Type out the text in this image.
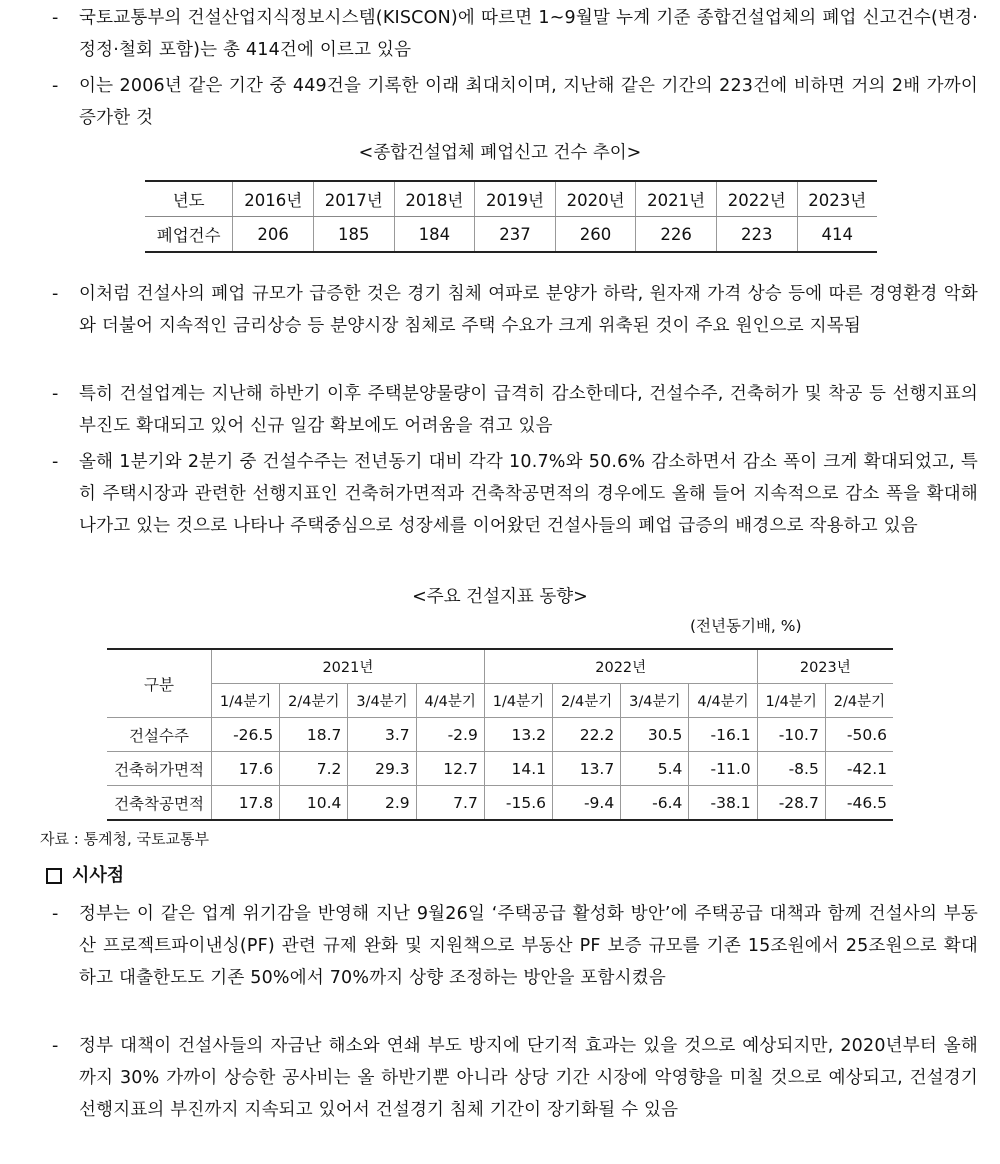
- 국토교통부의 건설산업지식정보시스템(KISCON)에 따르면 1~9월말 누계 기준 종합건설업체의 폐업 신고건수(변경·정정·철회 포함)는 총 414건에 이르고 있음
- 이는 2006년 같은 기간 중 449건을 기록한 이래 최대치이며, 지난해 같은 기간의 223건에 비하면 거의 2배 가까이 증가한 것
<종합건설업체 폐업신고 건수 추이>
년도	2016년	2017년	2018년	2019년	2020년	2021년	2022년	2023년
폐업건수	206	185	184	237	260	226	223	414
- 이처럼 건설사의 폐업 규모가 급증한 것은 경기 침체 여파로 분양가 하락, 원자재 가격 상승 등에 따른 경영환경 악화와 더불어 지속적인 금리상승 등 분양시장 침체로 주택 수요가 크게 위축된 것이 주요 원인으로 지목됨
- 특히 건설업계는 지난해 하반기 이후 주택분양물량이 급격히 감소한데다, 건설수주, 건축허가 및 착공 등 선행지표의 부진도 확대되고 있어 신규 일감 확보에도 어려움을 겪고 있음
- 올해 1분기와 2분기 중 건설수주는 전년동기 대비 각각 10.7%와 50.6% 감소하면서 감소 폭이 크게 확대되었고, 특히 주택시장과 관련한 선행지표인 건축허가면적과 건축착공면적의 경우에도 올해 들어 지속적으로 감소 폭을 확대해 나가고 있는 것으로 나타나 주택중심으로 성장세를 이어왔던 건설사들의 폐업 급증의 배경으로 작용하고 있음
<주요 건설지표 동향>
(전년동기배, %)
구분	2021년				2022년				2023년	
	1/4분기	2/4분기	3/4분기	4/4분기	1/4분기	2/4분기	3/4분기	4/4분기	1/4분기	2/4분기
건설수주	-26.5	18.7	3.7	-2.9	13.2	22.2	30.5	-16.1	-10.7	-50.6
건축허가면적	17.6	7.2	29.3	12.7	14.1	13.7	5.4	-11.0	-8.5	-42.1
건축착공면적	17.8	10.4	2.9	7.7	-15.6	-9.4	-6.4	-38.1	-28.7	-46.5
자료 : 통계청, 국토교통부
시사점
- 정부는 이 같은 업계 위기감을 반영해 지난 9월26일 ‘주택공급 활성화 방안’에 주택공급 대책과 함께 건설사의 부동산 프로젝트파이낸싱(PF) 관련 규제 완화 및 지원책으로 부동산 PF 보증 규모를 기존 15조원에서 25조원으로 확대하고 대출한도도 기존 50%에서 70%까지 상향 조정하는 방안을 포함시켰음
- 정부 대책이 건설사들의 자금난 해소와 연쇄 부도 방지에 단기적 효과는 있을 것으로 예상되지만, 2020년부터 올해까지 30% 가까이 상승한 공사비는 올 하반기뿐 아니라 상당 기간 시장에 악영향을 미칠 것으로 예상되고, 건설경기 선행지표의 부진까지 지속되고 있어서 건설경기 침체 기간이 장기화될 수 있음
